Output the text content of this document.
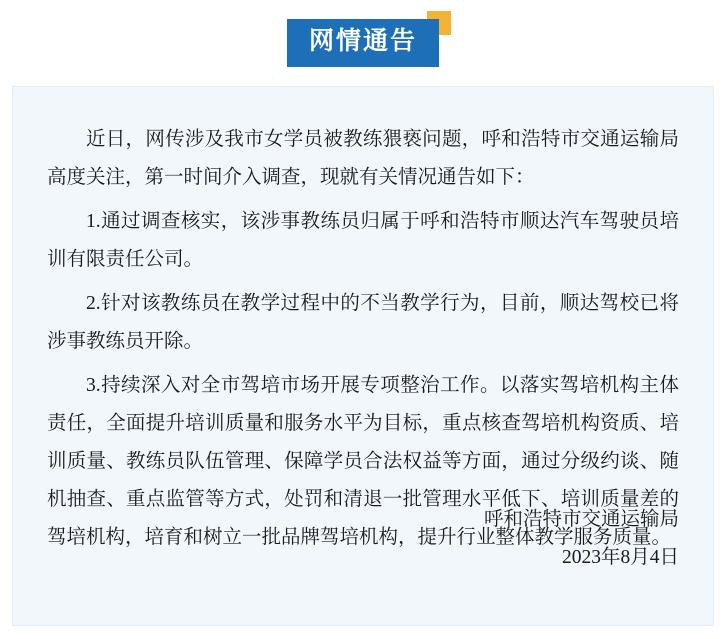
网情通告

近日，网传涉及我市女学员被教练猥亵问题，呼和浩特市交通运输局高度关注，第一时间介入调查，现就有关情况通告如下：

1.通过调查核实，该涉事教练员归属于呼和浩特市顺达汽车驾驶员培训有限责任公司。

2.针对该教练员在教学过程中的不当教学行为，目前，顺达驾校已将涉事教练员开除。

3.持续深入对全市驾培市场开展专项整治工作。以落实驾培机构主体责任，全面提升培训质量和服务水平为目标，重点核查驾培机构资质、培训质量、教练员队伍管理、保障学员合法权益等方面，通过分级约谈、随机抽查、重点监管等方式，处罚和清退一批管理水平低下、培训质量差的驾培机构，培育和树立一批品牌驾培机构，提升行业整体教学服务质量。

呼和浩特市交通运输局
2023年8月4日
